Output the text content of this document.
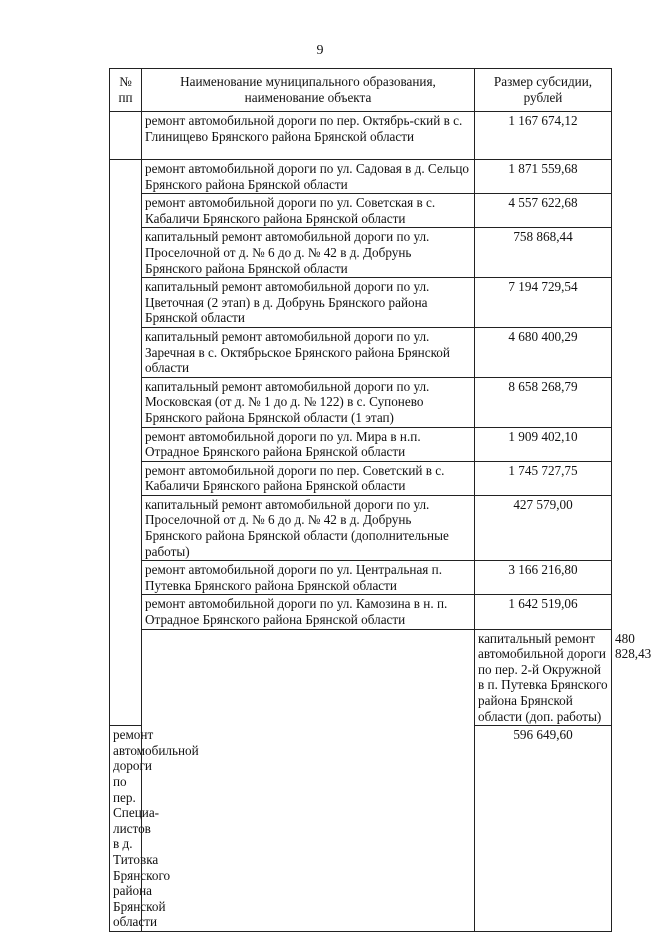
9
№ пп	Наименование муниципального образования, наименование объекта	Размер субсидии, рублей	
	ремонт автомобильной дороги по пер. Октябрь-ский в с. Глинищево Брянского района Брянской области	1 167 674,12	
	ремонт автомобильной дороги по ул. Садовая в д. Сельцо Брянского района Брянской области	1 871 559,68	
	ремонт автомобильной дороги по ул. Советская в с. Кабаличи Брянского района Брянской области	4 557 622,68	
	капитальный ремонт автомобильной дороги по ул. Проселочной от д. № 6 до д. № 42 в д. Добрунь Брянского района Брянской области	758 868,44	
	капитальный ремонт автомобильной дороги по ул. Цветочная (2 этап) в д. Добрунь Брянского района Брянской области	7 194 729,54	
	капитальный ремонт автомобильной дороги по ул. Заречная в с. Октябрьское Брянского района Брянской области	4 680 400,29	
	капитальный ремонт автомобильной дороги по ул. Московская (от д. № 1 до д. № 122) в с. Супонево Брянского района Брянской области (1 этап)	8 658 268,79	
	ремонт автомобильной дороги по ул. Мира в н.п. Отрадное Брянского района Брянской области	1 909 402,10	
	ремонт автомобильной дороги по пер. Советский в с. Кабаличи Брянского района Брянской области	1 745 727,75	
	капитальный ремонт автомобильной дороги по ул. Проселочной от д. № 6 до д. № 42 в д. Добрунь Брянского района Брянской области (дополнительные работы)	427 579,00	
	ремонт автомобильной дороги по ул. Центральная п. Путевка Брянского района Брянской области	3 166 216,80	
	ремонт автомобильной дороги по ул. Камозина в н. п. Отрадное Брянского района Брянской области	1 642 519,06	
		капитальный ремонт автомобильной дороги по пер. 2-й Окружной в п. Путевка Брянского района Брянской области (доп. работы)	480 828,43
ремонт автомобильной дороги по пер. Специа-листов в д. Титовка Брянского района Брянской области		596 649,60	
